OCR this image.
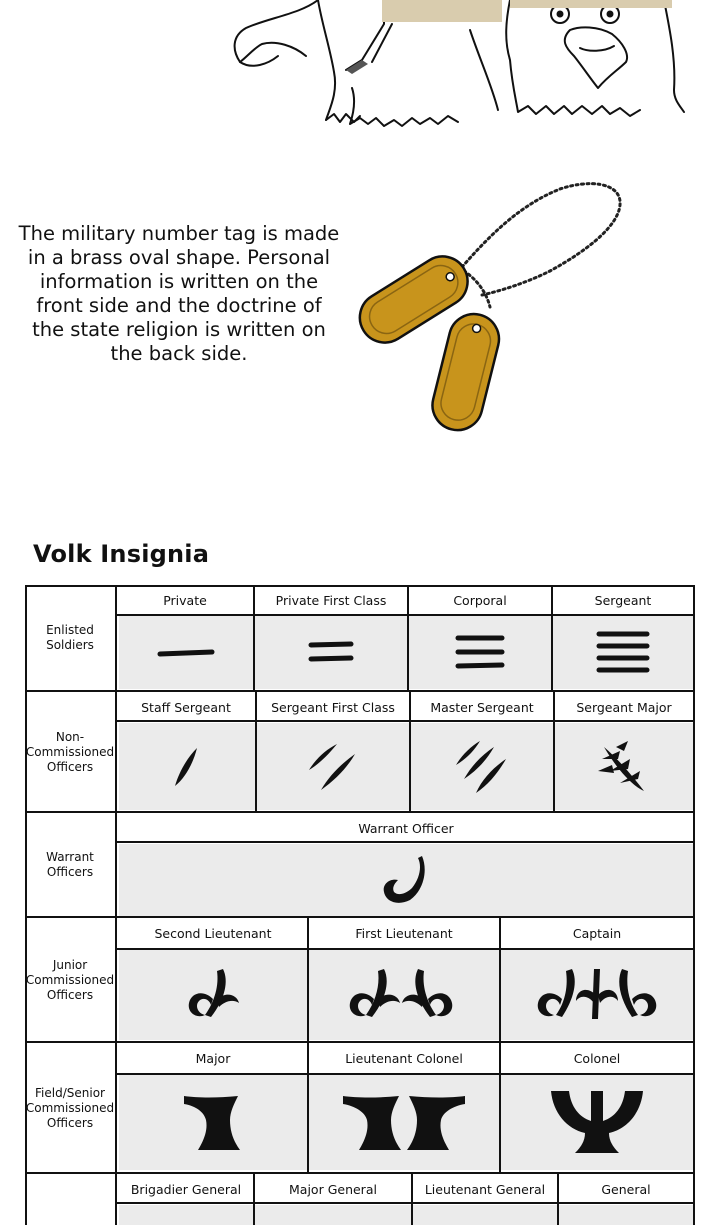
The military number tag is made
in a brass oval shape. Personal
information is written on the
front side and the doctrine of
the state religion is written on
the back side.
Volk Insignia
Enlisted
Soldiers
Private	Private First Class	Corporal	Sergeant
Non-
Commissioned
Officers
Staff Sergeant	Sergeant First Class	Master Sergeant	Sergeant Major
Warrant
Officers
Warrant Officer
Junior
Commissioned
Officers
Second Lieutenant	First Lieutenant	Captain
Field/Senior
Commissioned
Officers
Major	Lieutenant Colonel	Colonel
Brigadier General	Major General	Lieutenant General	General
